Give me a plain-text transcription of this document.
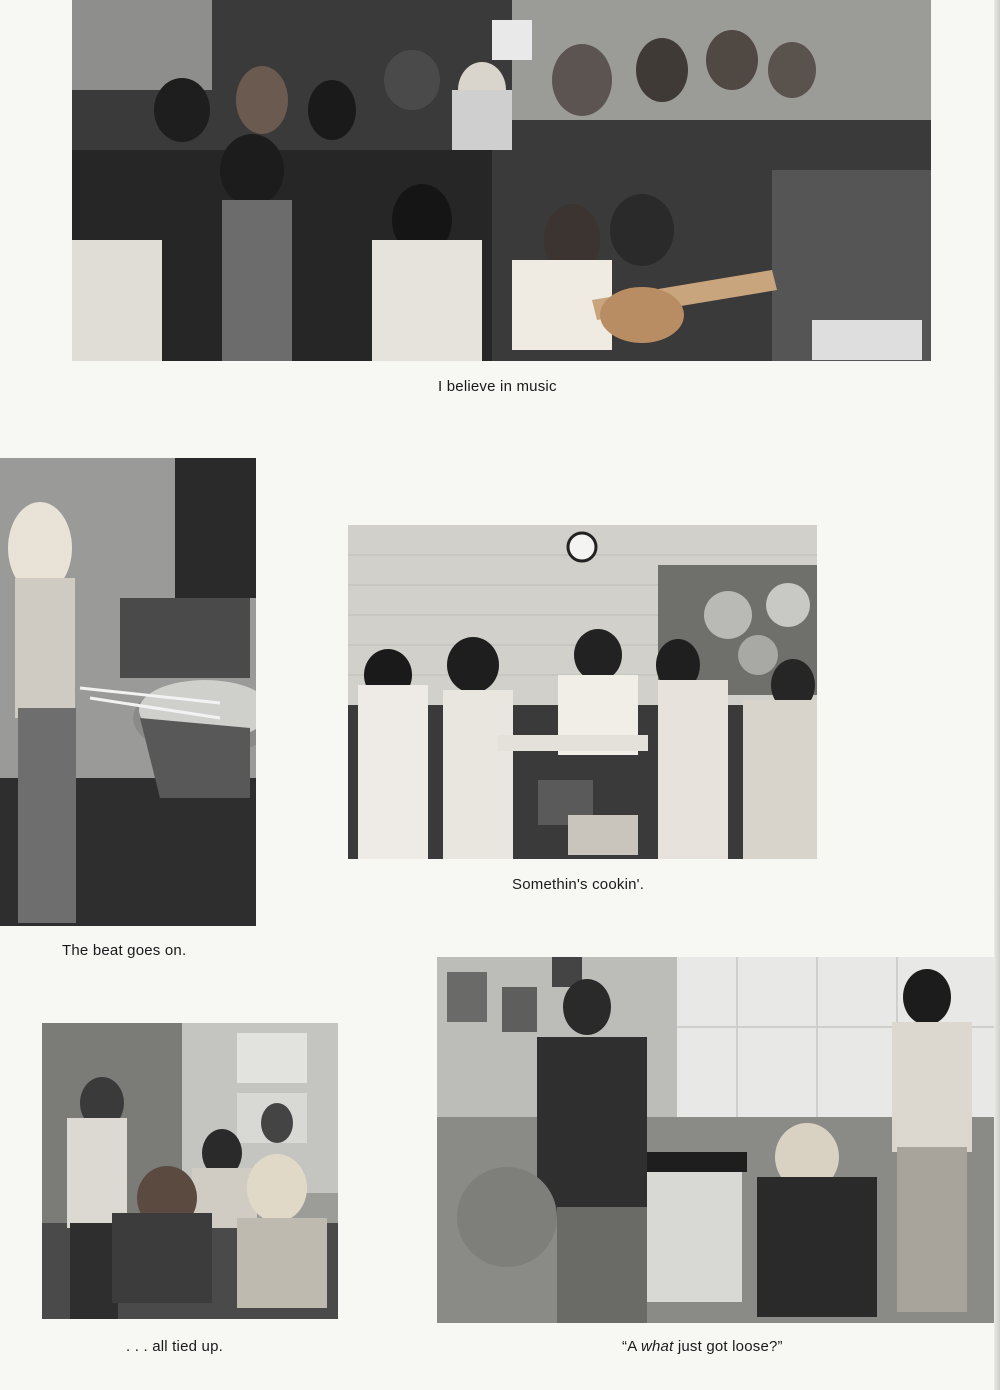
I believe in music
The beat goes on.
Somethin's cookin'.
. . . all tied up.	“A what just got loose?”
